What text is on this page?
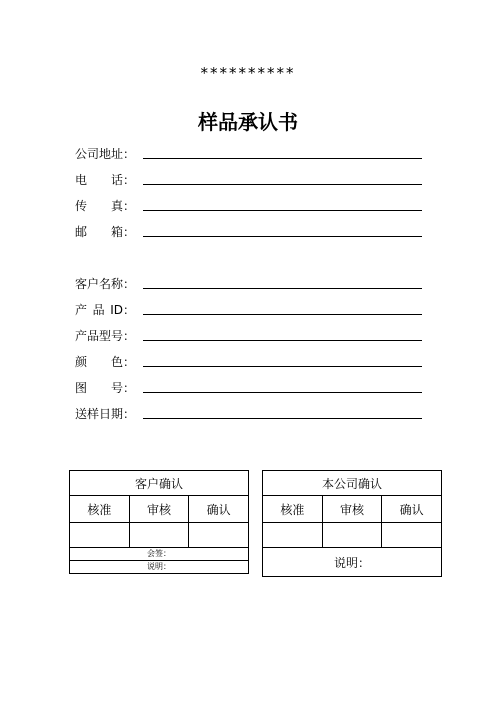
**********
样品承认书
公司地址：
电 话：
传 真：
邮 箱：
客户名称：
产 品 ID：
产品型号：
颜 色：
图 号：
送样日期：
客户确认		
核准	审核	确认

会签：		
说明：		
本公司确认		
核准	审核	确认

说明：		
